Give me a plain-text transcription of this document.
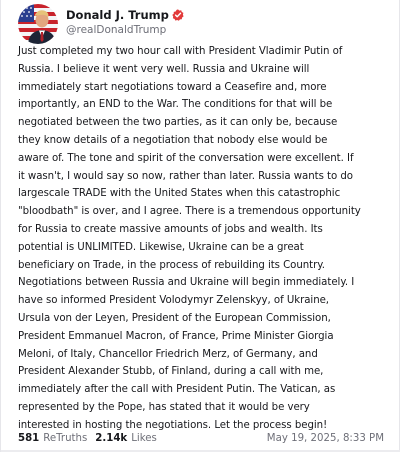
Donald J. Trump
@realDonaldTrump
Just completed my two hour call with President Vladimir Putin of
Russia. I believe it went very well. Russia and Ukraine will
immediately start negotiations toward a Ceasefire and, more
importantly, an END to the War. The conditions for that will be
negotiated between the two parties, as it can only be, because
they know details of a negotiation that nobody else would be
aware of. The tone and spirit of the conversation were excellent. If
it wasn't, I would say so now, rather than later. Russia wants to do
largescale TRADE with the United States when this catastrophic
"bloodbath" is over, and I agree. There is a tremendous opportunity
for Russia to create massive amounts of jobs and wealth. Its
potential is UNLIMITED. Likewise, Ukraine can be a great
beneficiary on Trade, in the process of rebuilding its Country.
Negotiations between Russia and Ukraine will begin immediately. I
have so informed President Volodymyr Zelenskyy, of Ukraine,
Ursula von der Leyen, President of the European Commission,
President Emmanuel Macron, of France, Prime Minister Giorgia
Meloni, of Italy, Chancellor Friedrich Merz, of Germany, and
President Alexander Stubb, of Finland, during a call with me,
immediately after the call with President Putin. The Vatican, as
represented by the Pope, has stated that it would be very
interested in hosting the negotiations. Let the process begin!
581 ReTruths 2.14k Likes	May 19, 2025, 8:33 PM
